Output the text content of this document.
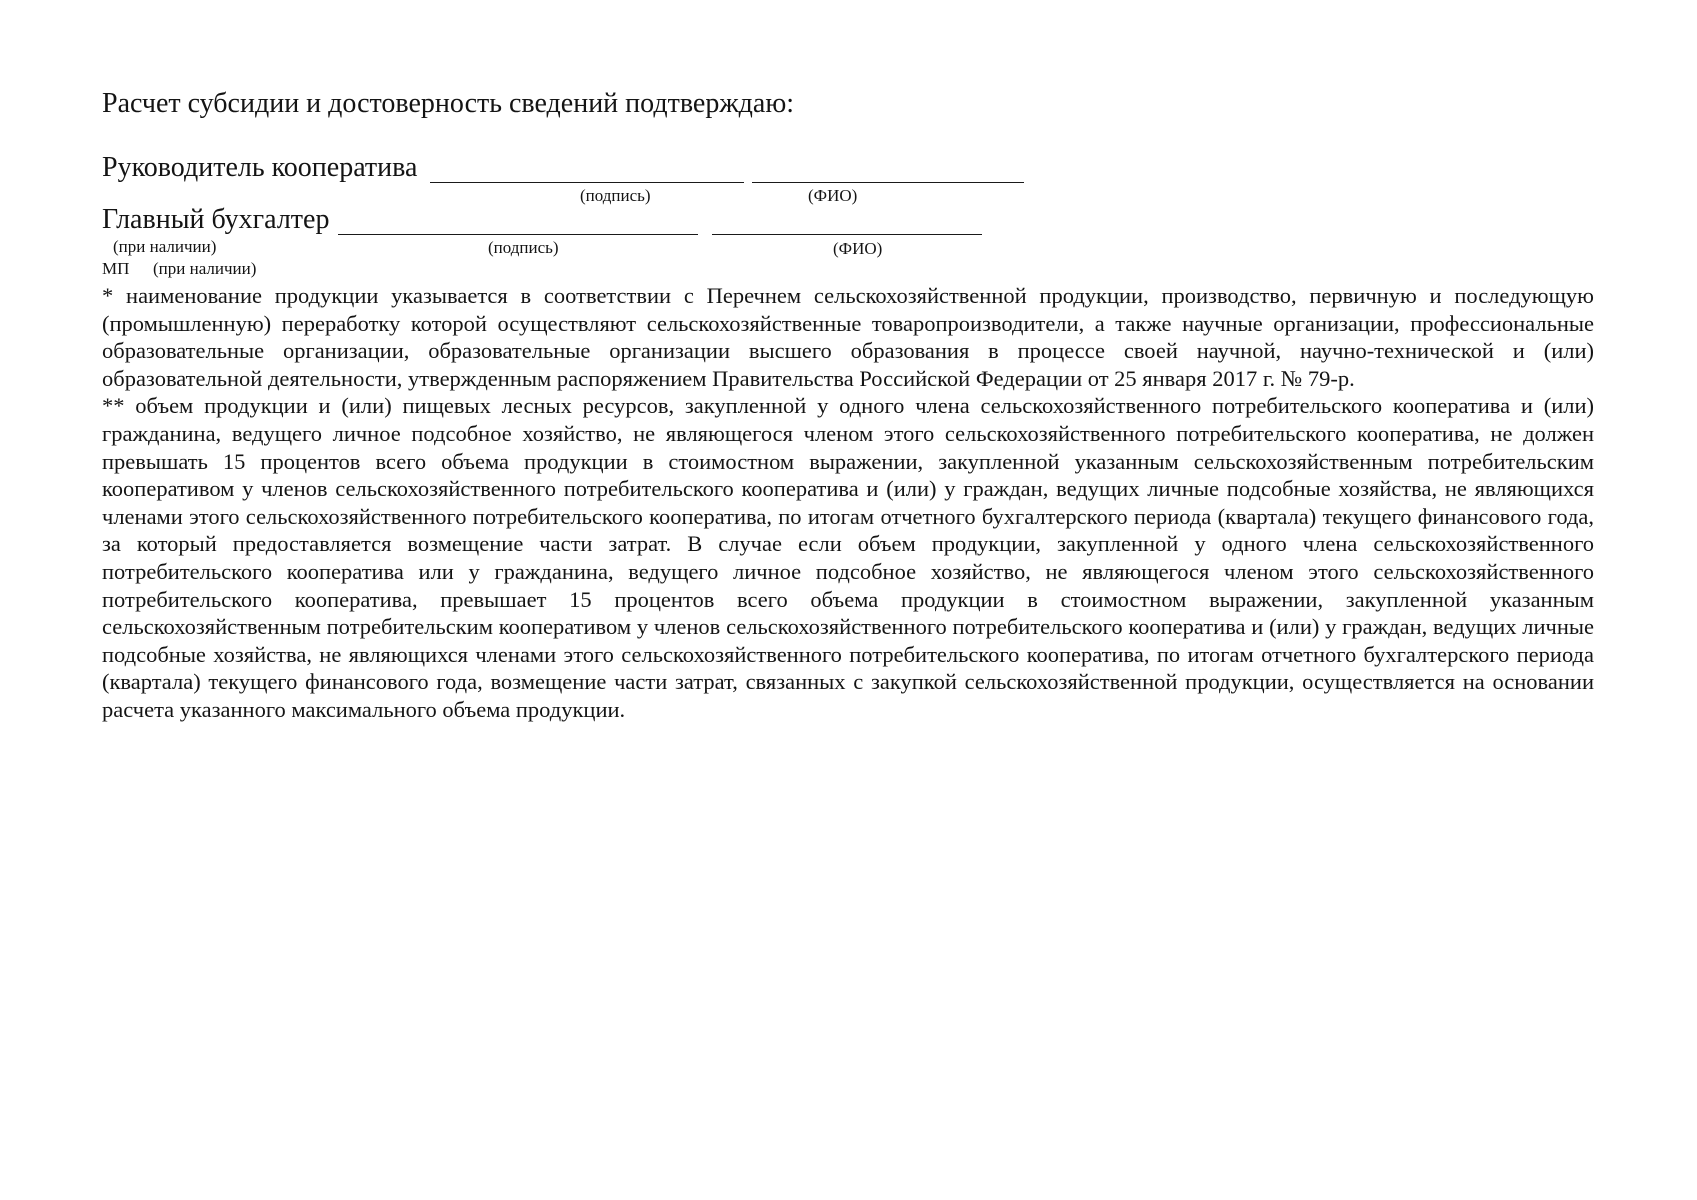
Расчет субсидии и достоверность сведений подтверждаю:
Руководитель кооператива
(подпись)	(ФИО)
Главный бухгалтер
(при наличии)	(подпись)	(ФИО)
МП (при наличии)

* наименование продукции указывается в соответствии с Перечнем сельскохозяйственной продукции, производство, первичную и последующую (промышленную) переработку которой осуществляют сельскохозяйственные товаропроизводители, а также научные организации, профессиональные образовательные организации, образовательные организации высшего образования в процессе своей научной, научно-технической и (или) образовательной деятельности, утвержденным распоряжением Правительства Российской Федерации от 25 января 2017 г. № 79-р.

** объем продукции и (или) пищевых лесных ресурсов, закупленной у одного члена сельскохозяйственного потребительского кооператива и (или) гражданина, ведущего личное подсобное хозяйство, не являющегося членом этого сельскохозяйственного потребительского кооператива, не должен превышать 15 процентов всего объема продукции в стоимостном выражении, закупленной указанным сельскохозяйственным потребительским кооперативом у членов сельскохозяйственного потребительского кооператива и (или) у граждан, ведущих личные подсобные хозяйства, не являющихся членами этого сельскохозяйственного потребительского кооператива, по итогам отчетного бухгалтерского периода (квартала) текущего финансового года, за который предоставляется возмещение части затрат. В случае если объем продукции, закупленной у одного члена сельскохозяйственного потребительского кооператива или у гражданина, ведущего личное подсобное хозяйство, не являющегося членом этого сельскохозяйственного потребительского кооператива, превышает 15 процентов всего объема продукции в стоимостном выражении, закупленной указанным сельскохозяйственным потребительским кооперативом у членов сельскохозяйственного потребительского кооператива и (или) у граждан, ведущих личные подсобные хозяйства, не являющихся членами этого сельскохозяйственного потребительского кооператива, по итогам отчетного бухгалтерского периода (квартала) текущего финансового года, возмещение части затрат, связанных с закупкой сельскохозяйственной продукции, осуществляется на основании расчета указанного максимального объема продукции.
